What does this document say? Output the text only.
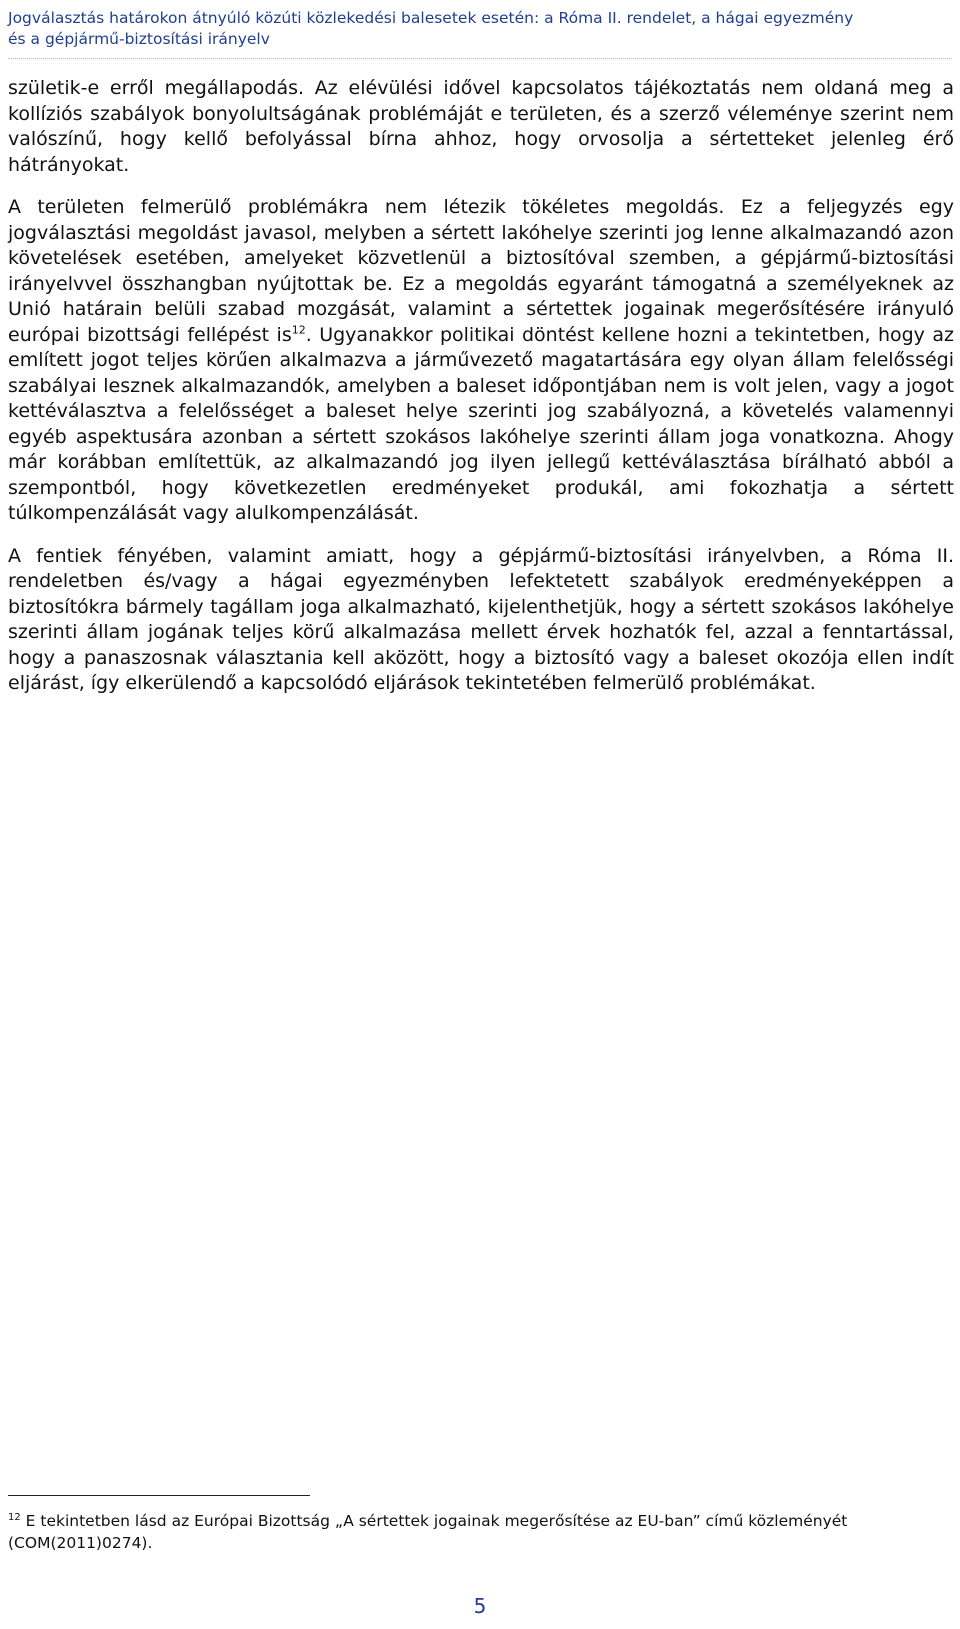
Jogválasztás határokon átnyúló közúti közlekedési balesetek esetén: a Róma II. rendelet, a hágai egyezmény
és a gépjármű-biztosítási irányelv

születik-e erről megállapodás. Az elévülési idővel kapcsolatos tájékoztatás nem oldaná meg a kollíziós szabályok bonyolultságának problémáját e területen, és a szerző véleménye szerint nem valószínű, hogy kellő befolyással bírna ahhoz, hogy orvosolja a sértetteket jelenleg érő hátrányokat.

A területen felmerülő problémákra nem létezik tökéletes megoldás. Ez a feljegyzés egy jogválasztási megoldást javasol, melyben a sértett lakóhelye szerinti jog lenne alkalmazandó azon követelések esetében, amelyeket közvetlenül a biztosítóval szemben, a gépjármű-biztosítási irányelvvel összhangban nyújtottak be. Ez a megoldás egyaránt támogatná a személyeknek az Unió határain belüli szabad mozgását, valamint a sértettek jogainak megerősítésére irányuló európai bizottsági fellépést is$^{12}$. Ugyanakkor politikai döntést kellene hozni a tekintetben, hogy az említett jogot teljes körűen alkalmazva a járművezető magatartására egy olyan állam felelősségi szabályai lesznek alkalmazandók, amelyben a baleset időpontjában nem is volt jelen, vagy a jogot kettéválasztva a felelősséget a baleset helye szerinti jog szabályozná, a követelés valamennyi egyéb aspektusára azonban a sértett szokásos lakóhelye szerinti állam joga vonatkozna. Ahogy már korábban említettük, az alkalmazandó jog ilyen jellegű kettéválasztása bírálható abból a szempontból, hogy következetlen eredményeket produkál, ami fokozhatja a sértett túlkompenzálását vagy alulkompenzálását.

A fentiek fényében, valamint amiatt, hogy a gépjármű-biztosítási irányelvben, a Róma II. rendeletben és/vagy a hágai egyezményben lefektetett szabályok eredményeképpen a biztosítókra bármely tagállam joga alkalmazható, kijelenthetjük, hogy a sértett szokásos lakóhelye szerinti állam jogának teljes körű alkalmazása mellett érvek hozhatók fel, azzal a fenntartással, hogy a panaszosnak választania kell aközött, hogy a biztosító vagy a baleset okozója ellen indít eljárást, így elkerülendő a kapcsolódó eljárások tekintetében felmerülő problémákat.

$^{12}$ E tekintetben lásd az Európai Bizottság „A sértettek jogainak megerősítése az EU-ban” című közleményét (COM(2011)0274).
5
